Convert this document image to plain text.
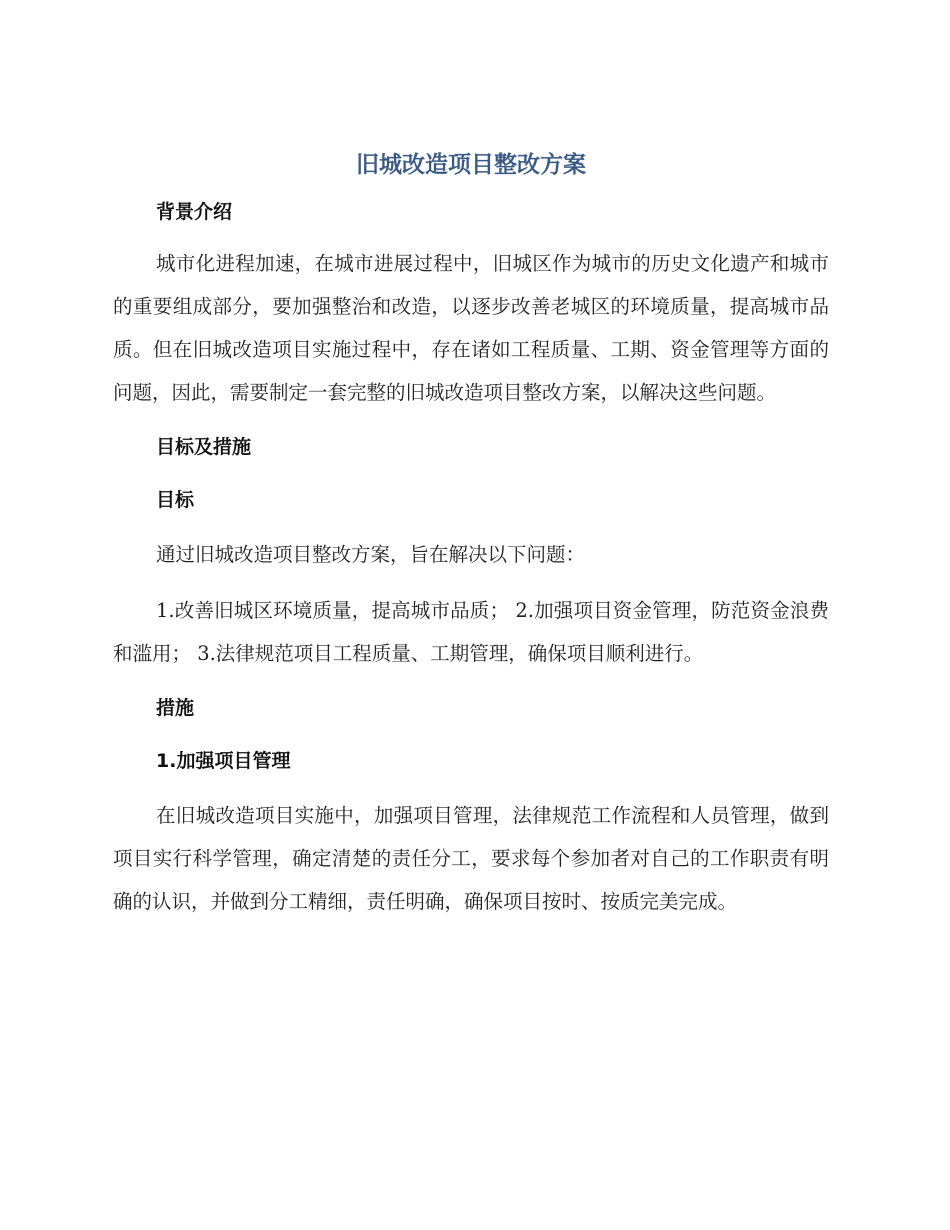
旧城改造项目整改方案
背景介绍

城市化进程加速，在城市进展过程中，旧城区作为城市的历史文化遗产和城市的重要组成部分，要加强整治和改造，以逐步改善老城区的环境质量，提高城市品质。但在旧城改造项目实施过程中，存在诸如工程质量、工期、资金管理等方面的问题，因此，需要制定一套完整的旧城改造项目整改方案，以解决这些问题。

目标及措施
目标

通过旧城改造项目整改方案，旨在解决以下问题：

1.改善旧城区环境质量，提高城市品质； 2.加强项目资金管理，防范资金浪费和滥用； 3.法律规范项目工程质量、工期管理，确保项目顺利进行。

措施
1.加强项目管理

在旧城改造项目实施中，加强项目管理，法律规范工作流程和人员管理，做到项目实行科学管理，确定清楚的责任分工，要求每个参加者对自己的工作职责有明确的认识，并做到分工精细，责任明确，确保项目按时、按质完美完成。
